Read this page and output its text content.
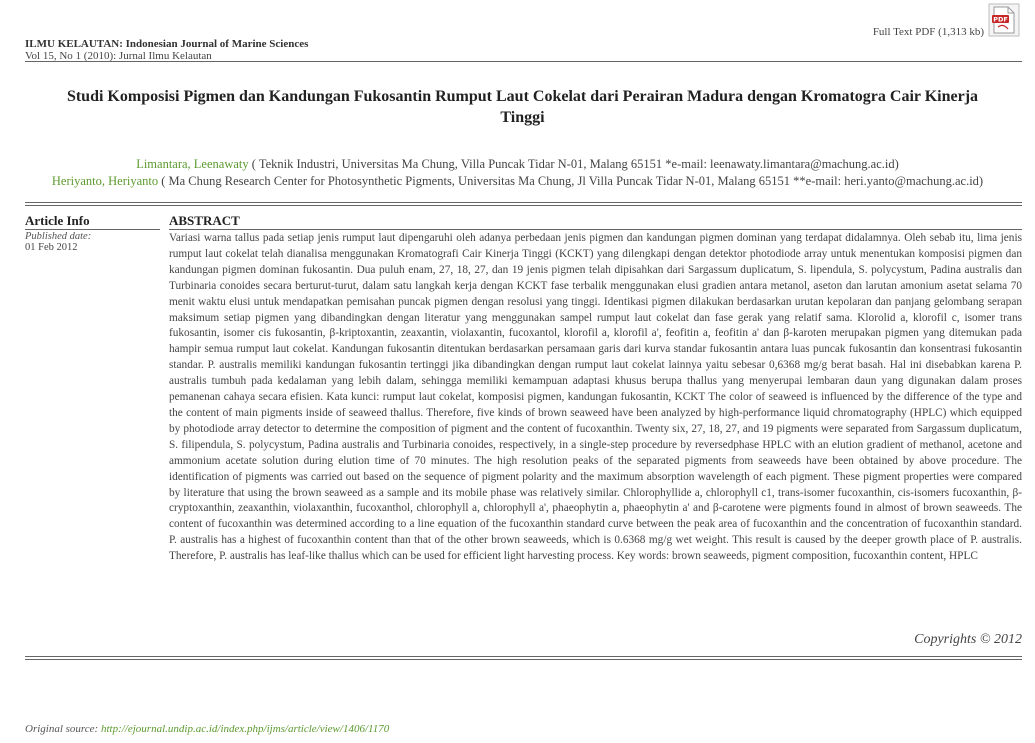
PDF
Full Text PDF (1,313 kb)
ILMU KELAUTAN: Indonesian Journal of Marine Sciences
Vol 15, No 1 (2010): Jurnal Ilmu Kelautan
Studi Komposisi Pigmen dan Kandungan Fukosantin Rumput Laut Cokelat dari Perairan Madura dengan Kromatogra Cair Kinerja Tinggi
Limantara, Leenawaty ( Teknik Industri, Universitas Ma Chung, Villa Puncak Tidar N-01, Malang 65151 *e-mail: leenawaty.limantara@machung.ac.id)
Heriyanto, Heriyanto ( Ma Chung Research Center for Photosynthetic Pigments, Universitas Ma Chung, Jl Villa Puncak Tidar N-01, Malang 65151 **e-mail: heri.yanto@machung.ac.id)
Article Info
Published date:
01 Feb 2012
ABSTRACT
Variasi warna tallus pada setiap jenis rumput laut dipengaruhi oleh adanya perbedaan jenis pigmen dan kandungan pigmen dominan yang terdapat didalamnya. Oleh sebab itu, lima jenis rumput laut cokelat telah dianalisa menggunakan Kromatografi Cair Kinerja Tinggi (KCKT) yang dilengkapi dengan detektor photodiode array untuk menentukan komposisi pigmen dan kandungan pigmen dominan fukosantin. Dua puluh enam, 27, 18, 27, dan 19 jenis pigmen telah dipisahkan dari Sargassum duplicatum, S. lipendula, S. polycystum, Padina australis dan Turbinaria conoides secara berturut-turut, dalam satu langkah kerja dengan KCKT fase terbalik menggunakan elusi gradien antara metanol, aseton dan larutan amonium asetat selama 70 menit waktu elusi untuk mendapatkan pemisahan puncak pigmen dengan resolusi yang tinggi. Identikasi pigmen dilakukan berdasarkan urutan kepolaran dan panjang gelombang serapan maksimum setiap pigmen yang dibandingkan dengan literatur yang menggunakan sampel rumput laut cokelat dan fase gerak yang relatif sama. Klorolid a, klorofil c, isomer trans fukosantin, isomer cis fukosantin, β-kriptoxantin, zeaxantin, violaxantin, fucoxantol, klorofil a, klorofil a', feofitin a, feofitin a' dan β-karoten merupakan pigmen yang ditemukan pada hampir semua rumput laut cokelat. Kandungan fukosantin ditentukan berdasarkan persamaan garis dari kurva standar fukosantin antara luas puncak fukosantin dan konsentrasi fukosantin standar. P. australis memiliki kandungan fukosantin tertinggi jika dibandingkan dengan rumput laut cokelat lainnya yaitu sebesar 0,6368 mg/g berat basah. Hal ini disebabkan karena P. australis tumbuh pada kedalaman yang lebih dalam, sehingga memiliki kemampuan adaptasi khusus berupa thallus yang menyerupai lembaran daun yang digunakan dalam proses pemanenan cahaya secara efisien. Kata kunci: rumput laut cokelat, komposisi pigmen, kandungan fukosantin, KCKT The color of seaweed is influenced by the difference of the type and the content of main pigments inside of seaweed thallus. Therefore, five kinds of brown seaweed have been analyzed by high-performance liquid chromatography (HPLC) which equipped by photodiode array detector to determine the composition of pigment and the content of fucoxanthin. Twenty six, 27, 18, 27, and 19 pigments were separated from Sargassum duplicatum, S. filipendula, S. polycystum, Padina australis and Turbinaria conoides, respectively, in a single-step procedure by reversedphase HPLC with an elution gradient of methanol, acetone and ammonium acetate solution during elution time of 70 minutes. The high resolution peaks of the separated pigments from seaweeds have been obtained by above procedure. The identification of pigments was carried out based on the sequence of pigment polarity and the maximum absorption wavelength of each pigment. These pigment properties were compared by literature that using the brown seaweed as a sample and its mobile phase was relatively similar. Chlorophyllide a, chlorophyll c1, trans-isomer fucoxanthin, cis-isomers fucoxanthin, β-cryptoxanthin, zeaxanthin, violaxanthin, fucoxanthol, chlorophyll a, chlorophyll a', phaeophytin a, phaeophytin a' and β-carotene were pigments found in almost of brown seaweeds. The content of fucoxanthin was determined according to a line equation of the fucoxanthin standard curve between the peak area of fucoxanthin and the concentration of fucoxanthin standard. P. australis has a highest of fucoxanthin content than that of the other brown seaweeds, which is 0.6368 mg/g wet weight. This result is caused by the deeper growth place of P. australis. Therefore, P. australis has leaf-like thallus which can be used for efficient light harvesting process. Key words: brown seaweeds, pigment composition, fucoxanthin content, HPLC
Copyrights © 2012
Original source: http://ejournal.undip.ac.id/index.php/ijms/article/view/1406/1170
